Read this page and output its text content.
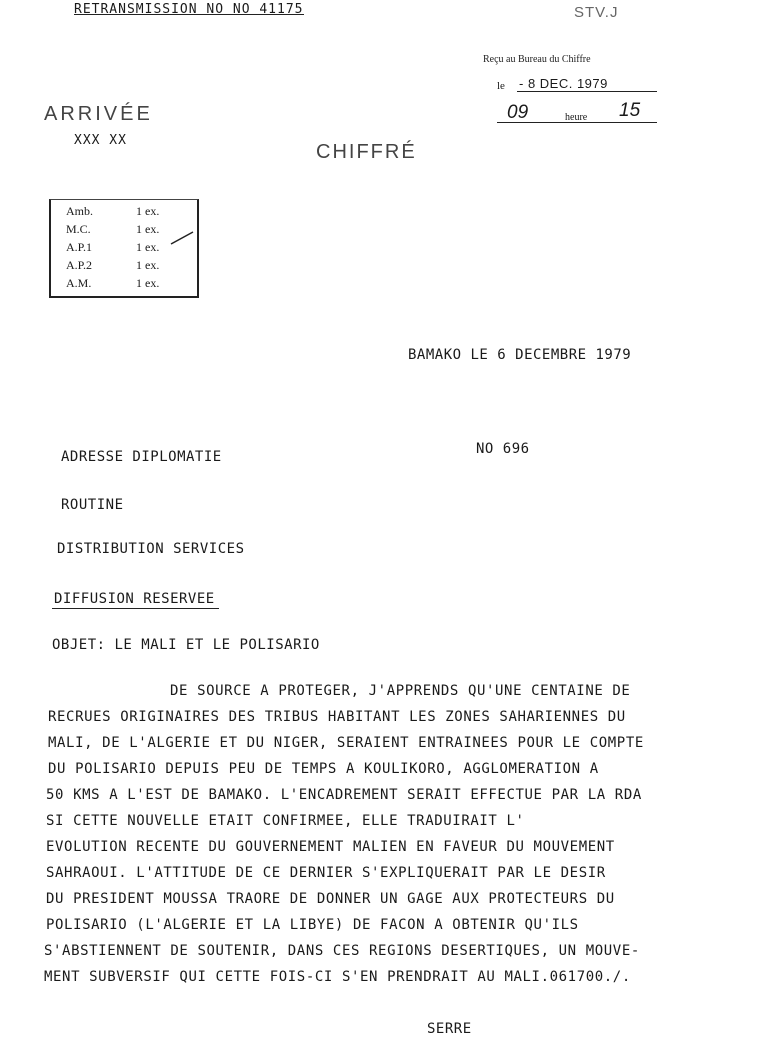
RETRANSMISSION NO NO 41175	STV.J
Reçu au Bureau du Chiffre
le - 8 DEC. 1979
09	heure 15
ARRIVÉE
XXX XX
CHIFFRÉ
Amb.	1 ex.
M.C.	1 ex.
A.P.1	1 ex.
A.P.2	1 ex.
A.M.	1 ex.
BAMAKO LE 6 DECEMBRE 1979
NO 696
ADRESSE DIPLOMATIE
ROUTINE
DISTRIBUTION SERVICES
DIFFUSION RESERVEE
OBJET: LE MALI ET LE POLISARIO
DE SOURCE A PROTEGER, J'APPRENDS QU'UNE CENTAINE DE
RECRUES ORIGINAIRES DES TRIBUS HABITANT LES ZONES SAHARIENNES DU
MALI, DE L'ALGERIE ET DU NIGER, SERAIENT ENTRAINEES POUR LE COMPTE
DU POLISARIO DEPUIS PEU DE TEMPS A KOULIKORO, AGGLOMERATION A
50 KMS A L'EST DE BAMAKO. L'ENCADREMENT SERAIT EFFECTUE PAR LA RDA
SI CETTE NOUVELLE ETAIT CONFIRMEE, ELLE TRADUIRAIT L'
EVOLUTION RECENTE DU GOUVERNEMENT MALIEN EN FAVEUR DU MOUVEMENT
SAHRAOUI. L'ATTITUDE DE CE DERNIER S'EXPLIQUERAIT PAR LE DESIR
DU PRESIDENT MOUSSA TRAORE DE DONNER UN GAGE AUX PROTECTEURS DU
POLISARIO (L'ALGERIE ET LA LIBYE) DE FACON A OBTENIR QU'ILS
S'ABSTIENNENT DE SOUTENIR, DANS CES REGIONS DESERTIQUES, UN MOUVE-
MENT SUBVERSIF QUI CETTE FOIS-CI S'EN PRENDRAIT AU MALI.061700./.
SERRE
